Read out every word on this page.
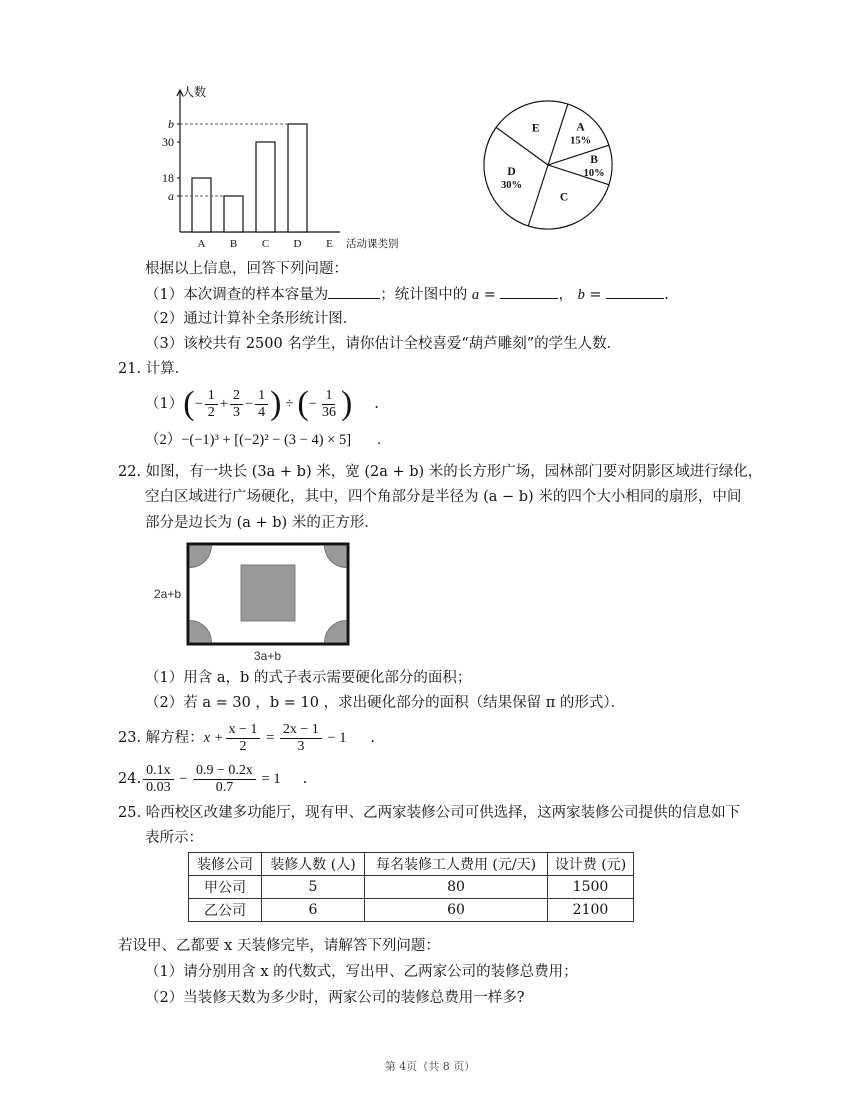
人数
活动课类别
A B C D E
b
30
18
a
A
15%
B
10%
C
D
30%
E
根据以上信息，回答下列问题：
（1）本次调查的样本容量为	；统计图中的 a =	， b =	.
（2）通过计算补全条形统计图．
（3）该校共有 2500 名学生，请你估计全校喜爱“葫芦雕刻”的学生人数．
21. 计算．
（1） ( − $\frac{1}{2} + \frac{2}{3} - \frac{1}{4}$ ) ÷ ( − $\frac{1}{36}$ ) .
（2）−(−1)³ + [(−2)² − (3 − 4) × 5] .
22. 如图，有一块长 (3a + b) 米，宽 (2a + b) 米的长方形广场，园林部门要对阴影区域进行绿化，
空白区域进行广场硬化，其中，四个角部分是半径为 (a − b) 米的四个大小相同的扇形，中间
部分是边长为 (a + b) 米的正方形．
2a+b
3a+b
（1）用含 a，b 的式子表示需要硬化部分的面积；
（2）若 a = 30 ，b = 10 ，求出硬化部分的面积（结果保留 π 的形式）．
23. 解方程： $x + \frac{x - 1}{2} = \frac{2x - 1}{3} - 1$ .
24. $\frac{0.1x}{0.03} - \frac{0.9 - 0.2x}{0.7} = 1$ .
25. 哈西校区改建多功能厅，现有甲、乙两家装修公司可供选择，这两家装修公司提供的信息如下
表所示：
装修公司	装修人数 (人)	每名装修工人费用 (元/天)	设计费 (元)
甲公司	5	80	1500
乙公司	6	60	2100
若设甲、乙都要 x 天装修完毕，请解答下列问题：
（1）请分别用含 x 的代数式，写出甲、乙两家公司的装修总费用；
（2）当装修天数为多少时，两家公司的装修总费用一样多?
第 4页（共 8 页）
